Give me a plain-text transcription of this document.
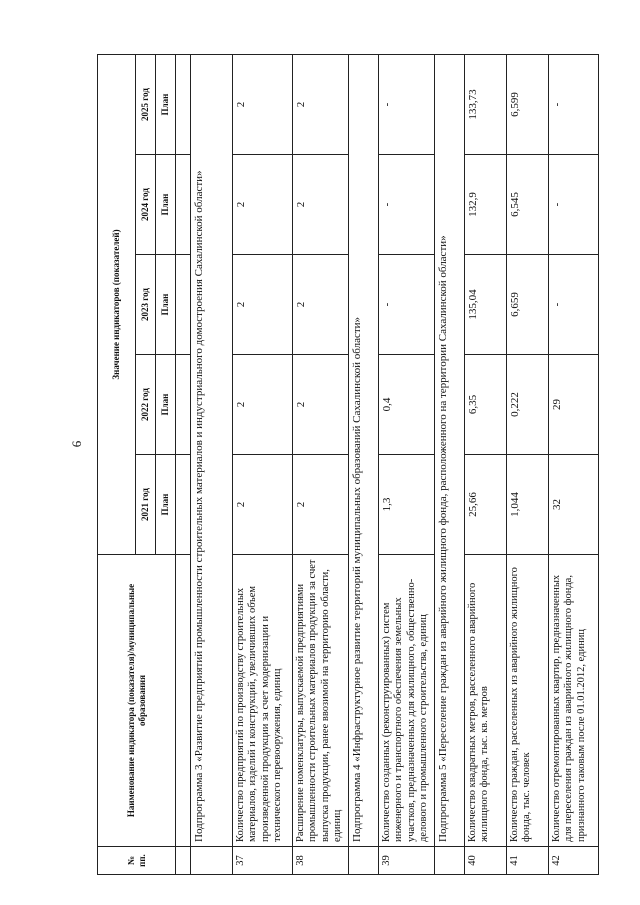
6
№ пп.	Наименование индикатора (показателя)/муниципальные образования	Значение индикаторов (показателей)				
		2021 год	2022 год	2023 год	2024 год	2025 год
		План	План	План	План	План

	Подпрограмма 3 «Развитие предприятий промышленности строительных материалов и индустриального домостроения Сахалинской области»					
37	Количество предприятий по производству строительных материалов, изделий и конструкций, увеличивших объем произведенной продукции за счет модернизации и технического перевооружения, единиц	2	2	2	2	2
38	Расширение номенклатуры, выпускаемой предприятиями промышленности строительных материалов продукции за счет выпуска продукции, ранее ввозимой на территорию области, единиц	2	2	2	2	2
	Подпрограмма 4 «Инфраструктурное развитие территорий муниципальных образований Сахалинской области»					
39	Количество созданных (реконструированных) систем инженерного и транспортного обеспечения земельных участков, предназначенных для жилищного, общественно-делового и промышленного строительства, единиц	1,3	0,4	-	-	-
	Подпрограмма 5 «Переселение граждан из аварийного жилищного фонда, расположенного на территории Сахалинской области»					
40	Количество квадратных метров, расселенного аварийного жилищного фонда, тыс. кв. метров	25,66	6,35	135,04	132,9	133,73
41	Количество граждан, расселенных из аварийного жилищного фонда, тыс. человек	1,044	0,222	6,659	6,545	6,599
42	Количество отремонтированных квартир, предназначенных для переселения граждан из аварийного жилищного фонда, признанного таковым после 01.01.2012, единиц	32	29	-	-	-
